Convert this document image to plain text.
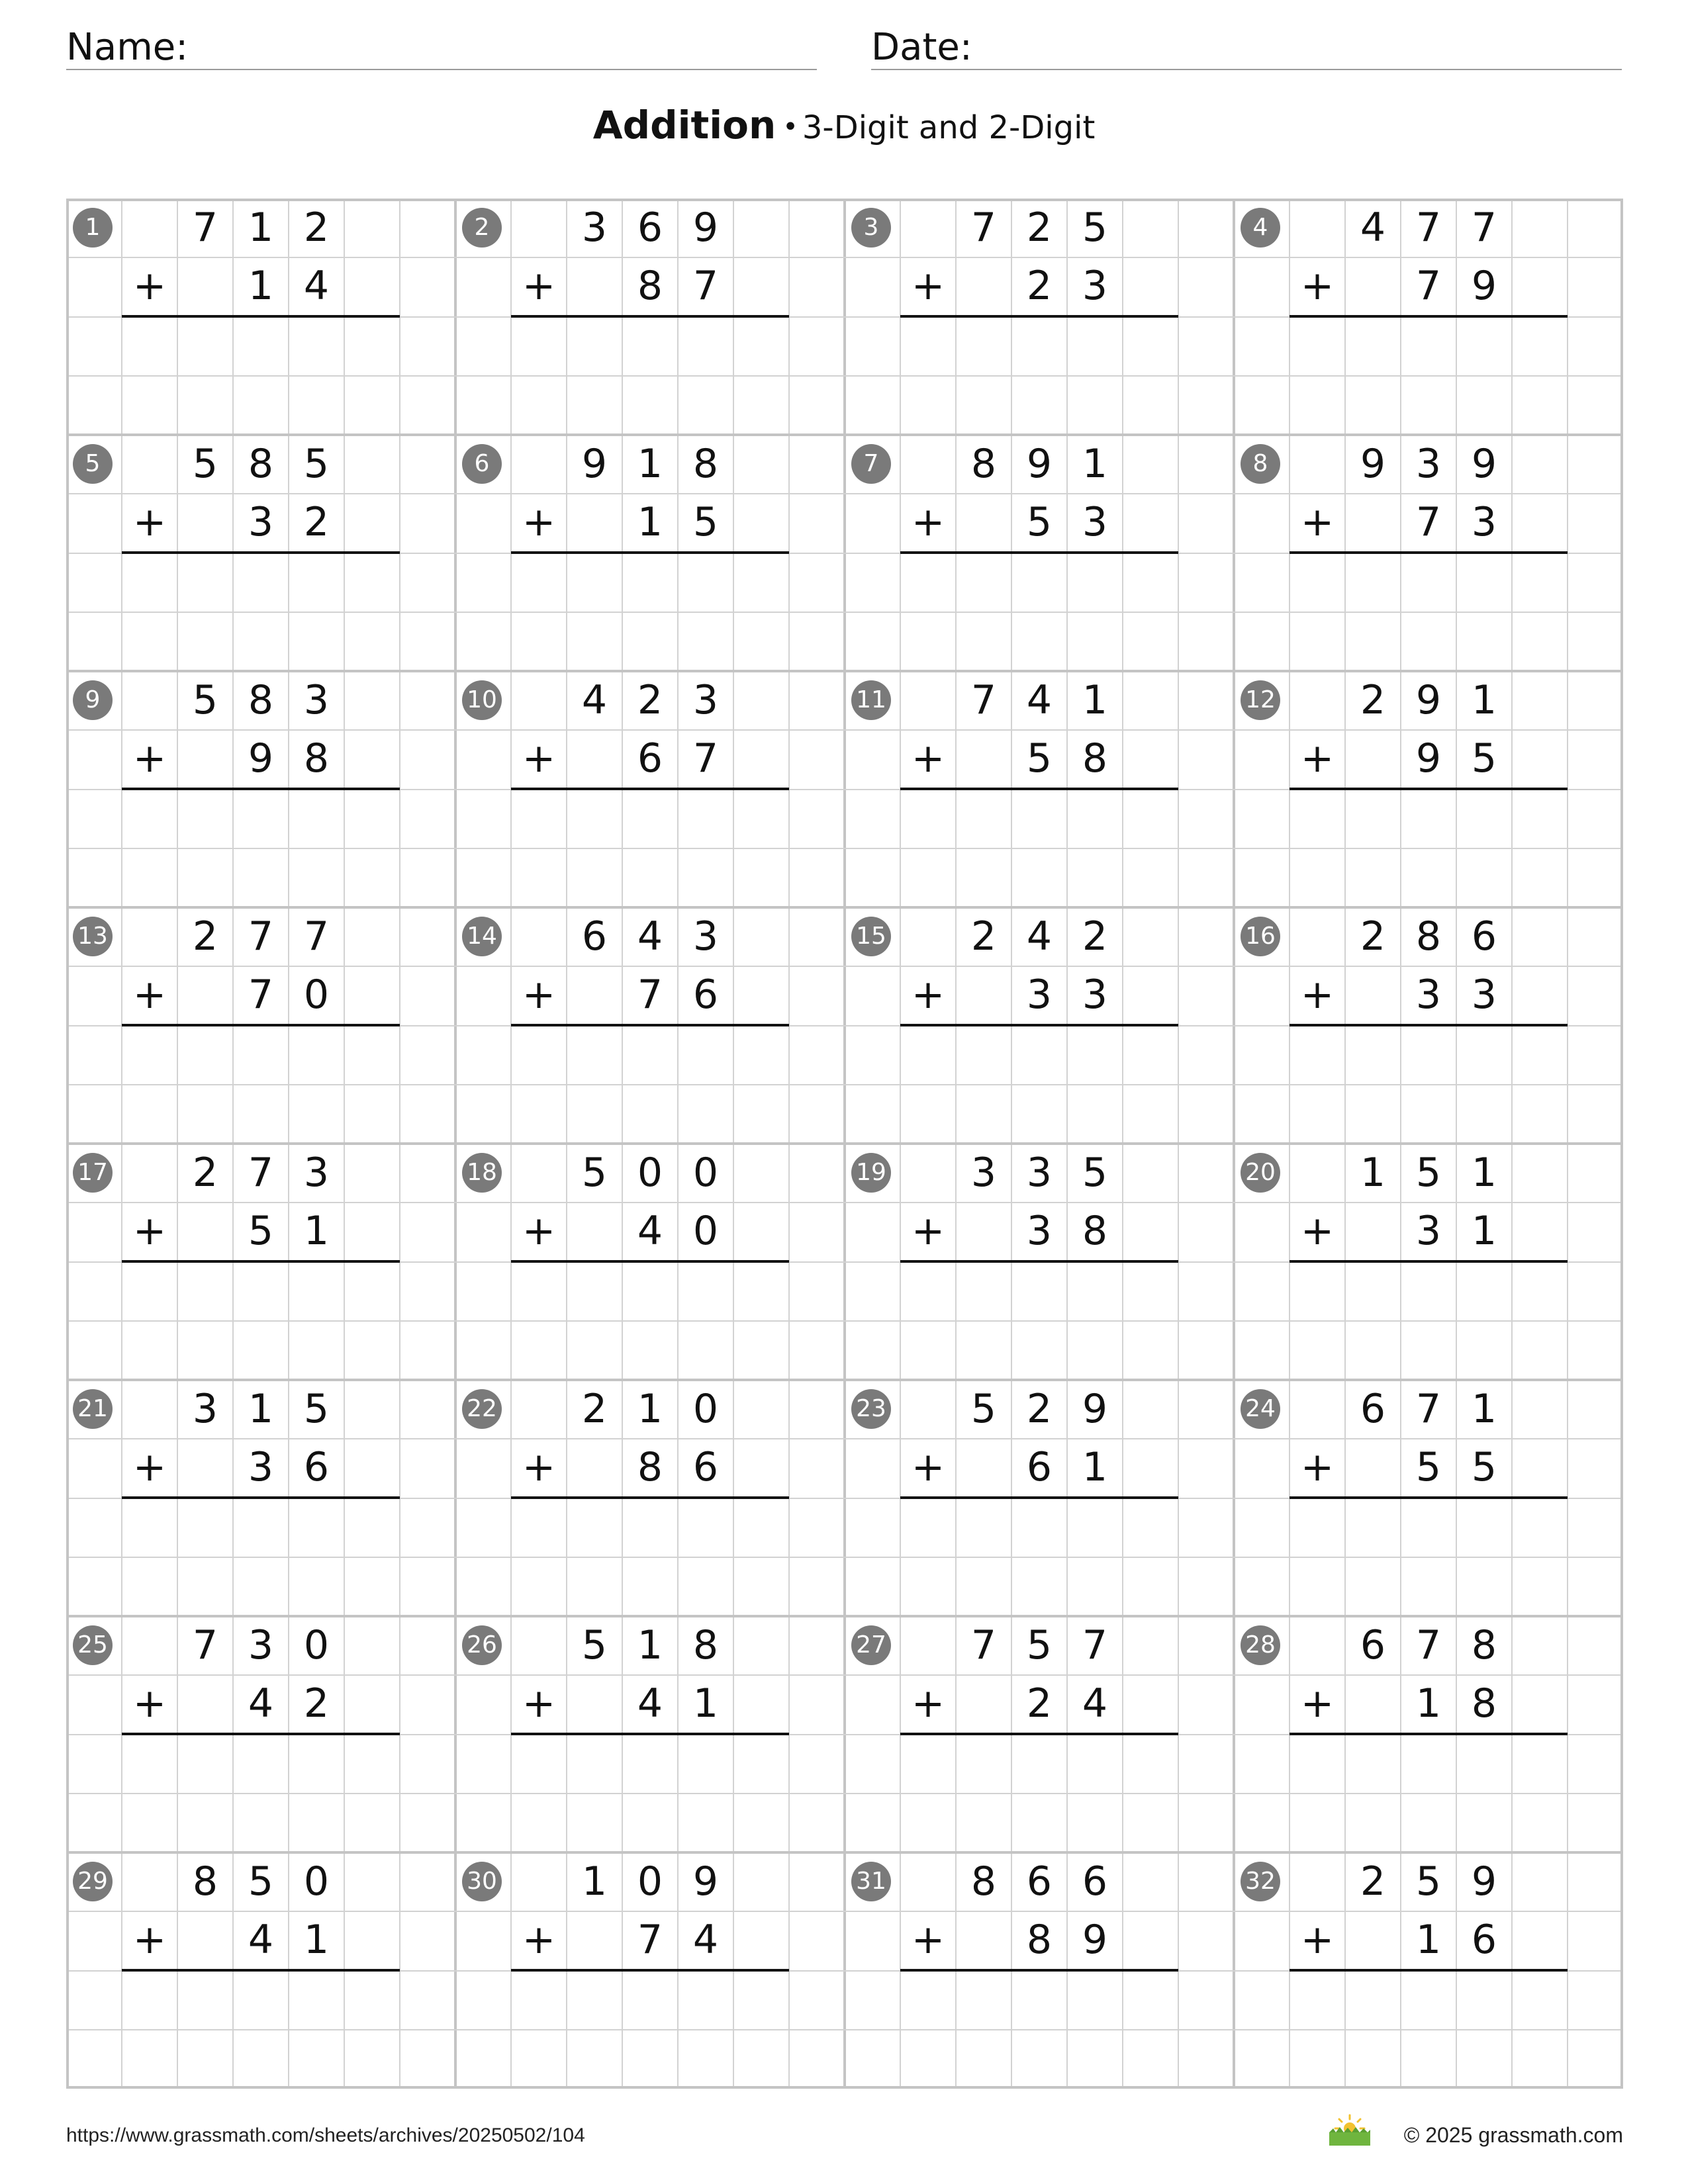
Name:	Date:
Addition • 3-Digit and 2-Digit
1	7 1 2
+	1 4
2	3 6 9
+	8 7
3	7 2 5
+	2 3
4	4 7 7
+	7 9
5	5 8 5
+	3 2
6	9 1 8
+	1 5
7	8 9 1
+	5 3
8	9 3 9
+	7 3
9	5 8 3
+	9 8
10	4 2 3
+	6 7
11	7 4 1
+	5 8
12	2 9 1
+	9 5
13	2 7 7
+	7 0
14	6 4 3
+	7 6
15	2 4 2
+	3 3
16	2 8 6
+	3 3
17	2 7 3
+	5 1
18	5 0 0
+	4 0
19	3 3 5
+	3 8
20	1 5 1
+	3 1
21	3 1 5
+	3 6
22	2 1 0
+	8 6
23	5 2 9
+	6 1
24	6 7 1
+	5 5
25	7 3 0
+	4 2
26	5 1 8
+	4 1
27	7 5 7
+	2 4
28	6 7 8
+	1 8
29	8 5 0
+	4 1
30	1 0 9
+	7 4
31	8 6 6
+	8 9
32	2 5 9
+	1 6
https://www.grassmath.com/sheets/archives/20250502/104	© 2025 grassmath.com
